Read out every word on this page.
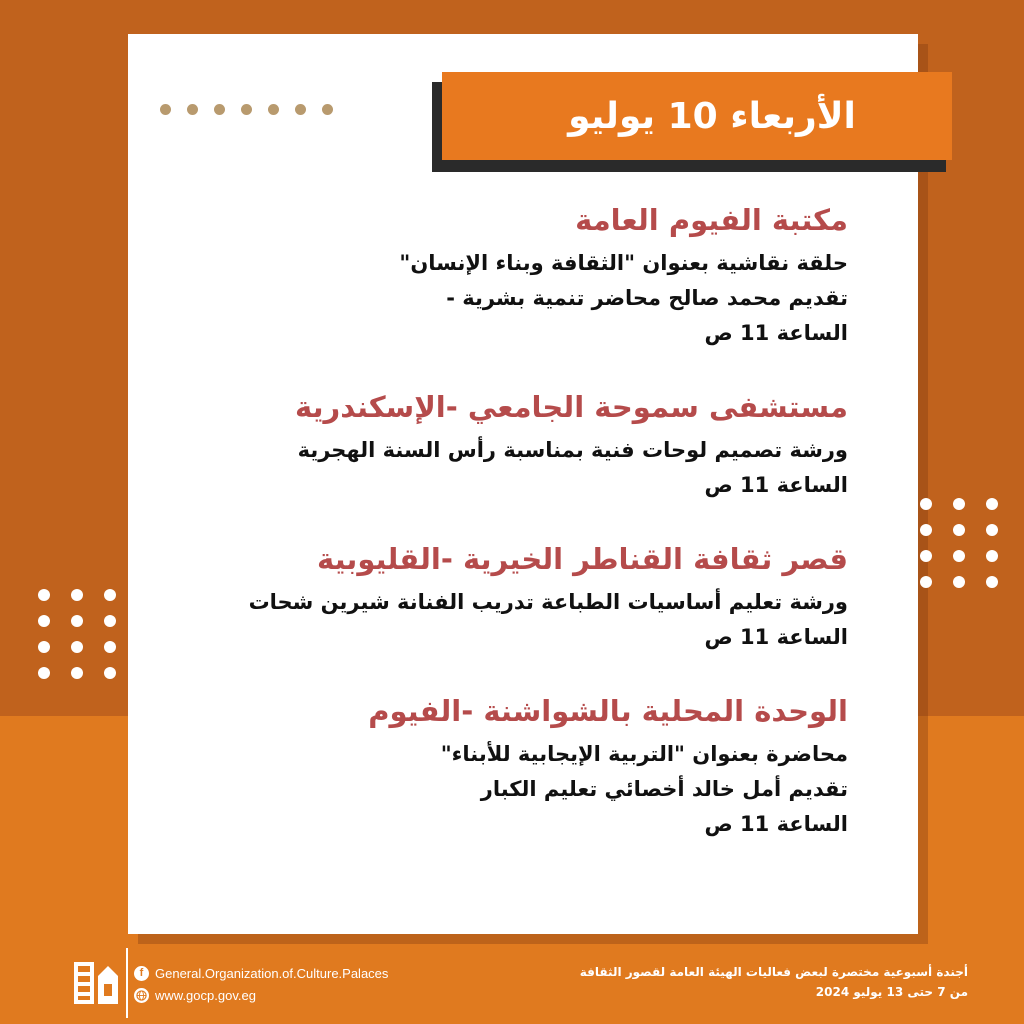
الأربعاء 10 يوليو
مكتبة الفيوم العامة
حلقة نقاشية بعنوان "الثقافة وبناء الإنسان"
تقديم محمد صالح محاضر تنمية بشرية -
الساعة 11 ص
مستشفى سموحة الجامعي -الإسكندرية
ورشة تصميم لوحات فنية بمناسبة رأس السنة الهجرية
الساعة 11 ص
قصر ثقافة القناطر الخيرية -القليوبية
ورشة تعليم أساسيات الطباعة تدريب الفنانة شيرين شحات
الساعة 11 ص
الوحدة المحلية بالشواشنة -الفيوم
محاضرة بعنوان "التربية الإيجابية للأبناء"
تقديم أمل خالد أخصائي تعليم الكبار
الساعة 11 ص
f General.Organization.of.Culture.Palaces
www.gocp.gov.eg
أجندة أسبوعية مختصرة لبعض فعاليات الهيئة العامة لقصور الثقافة
من 7 حتى 13 يوليو 2024
